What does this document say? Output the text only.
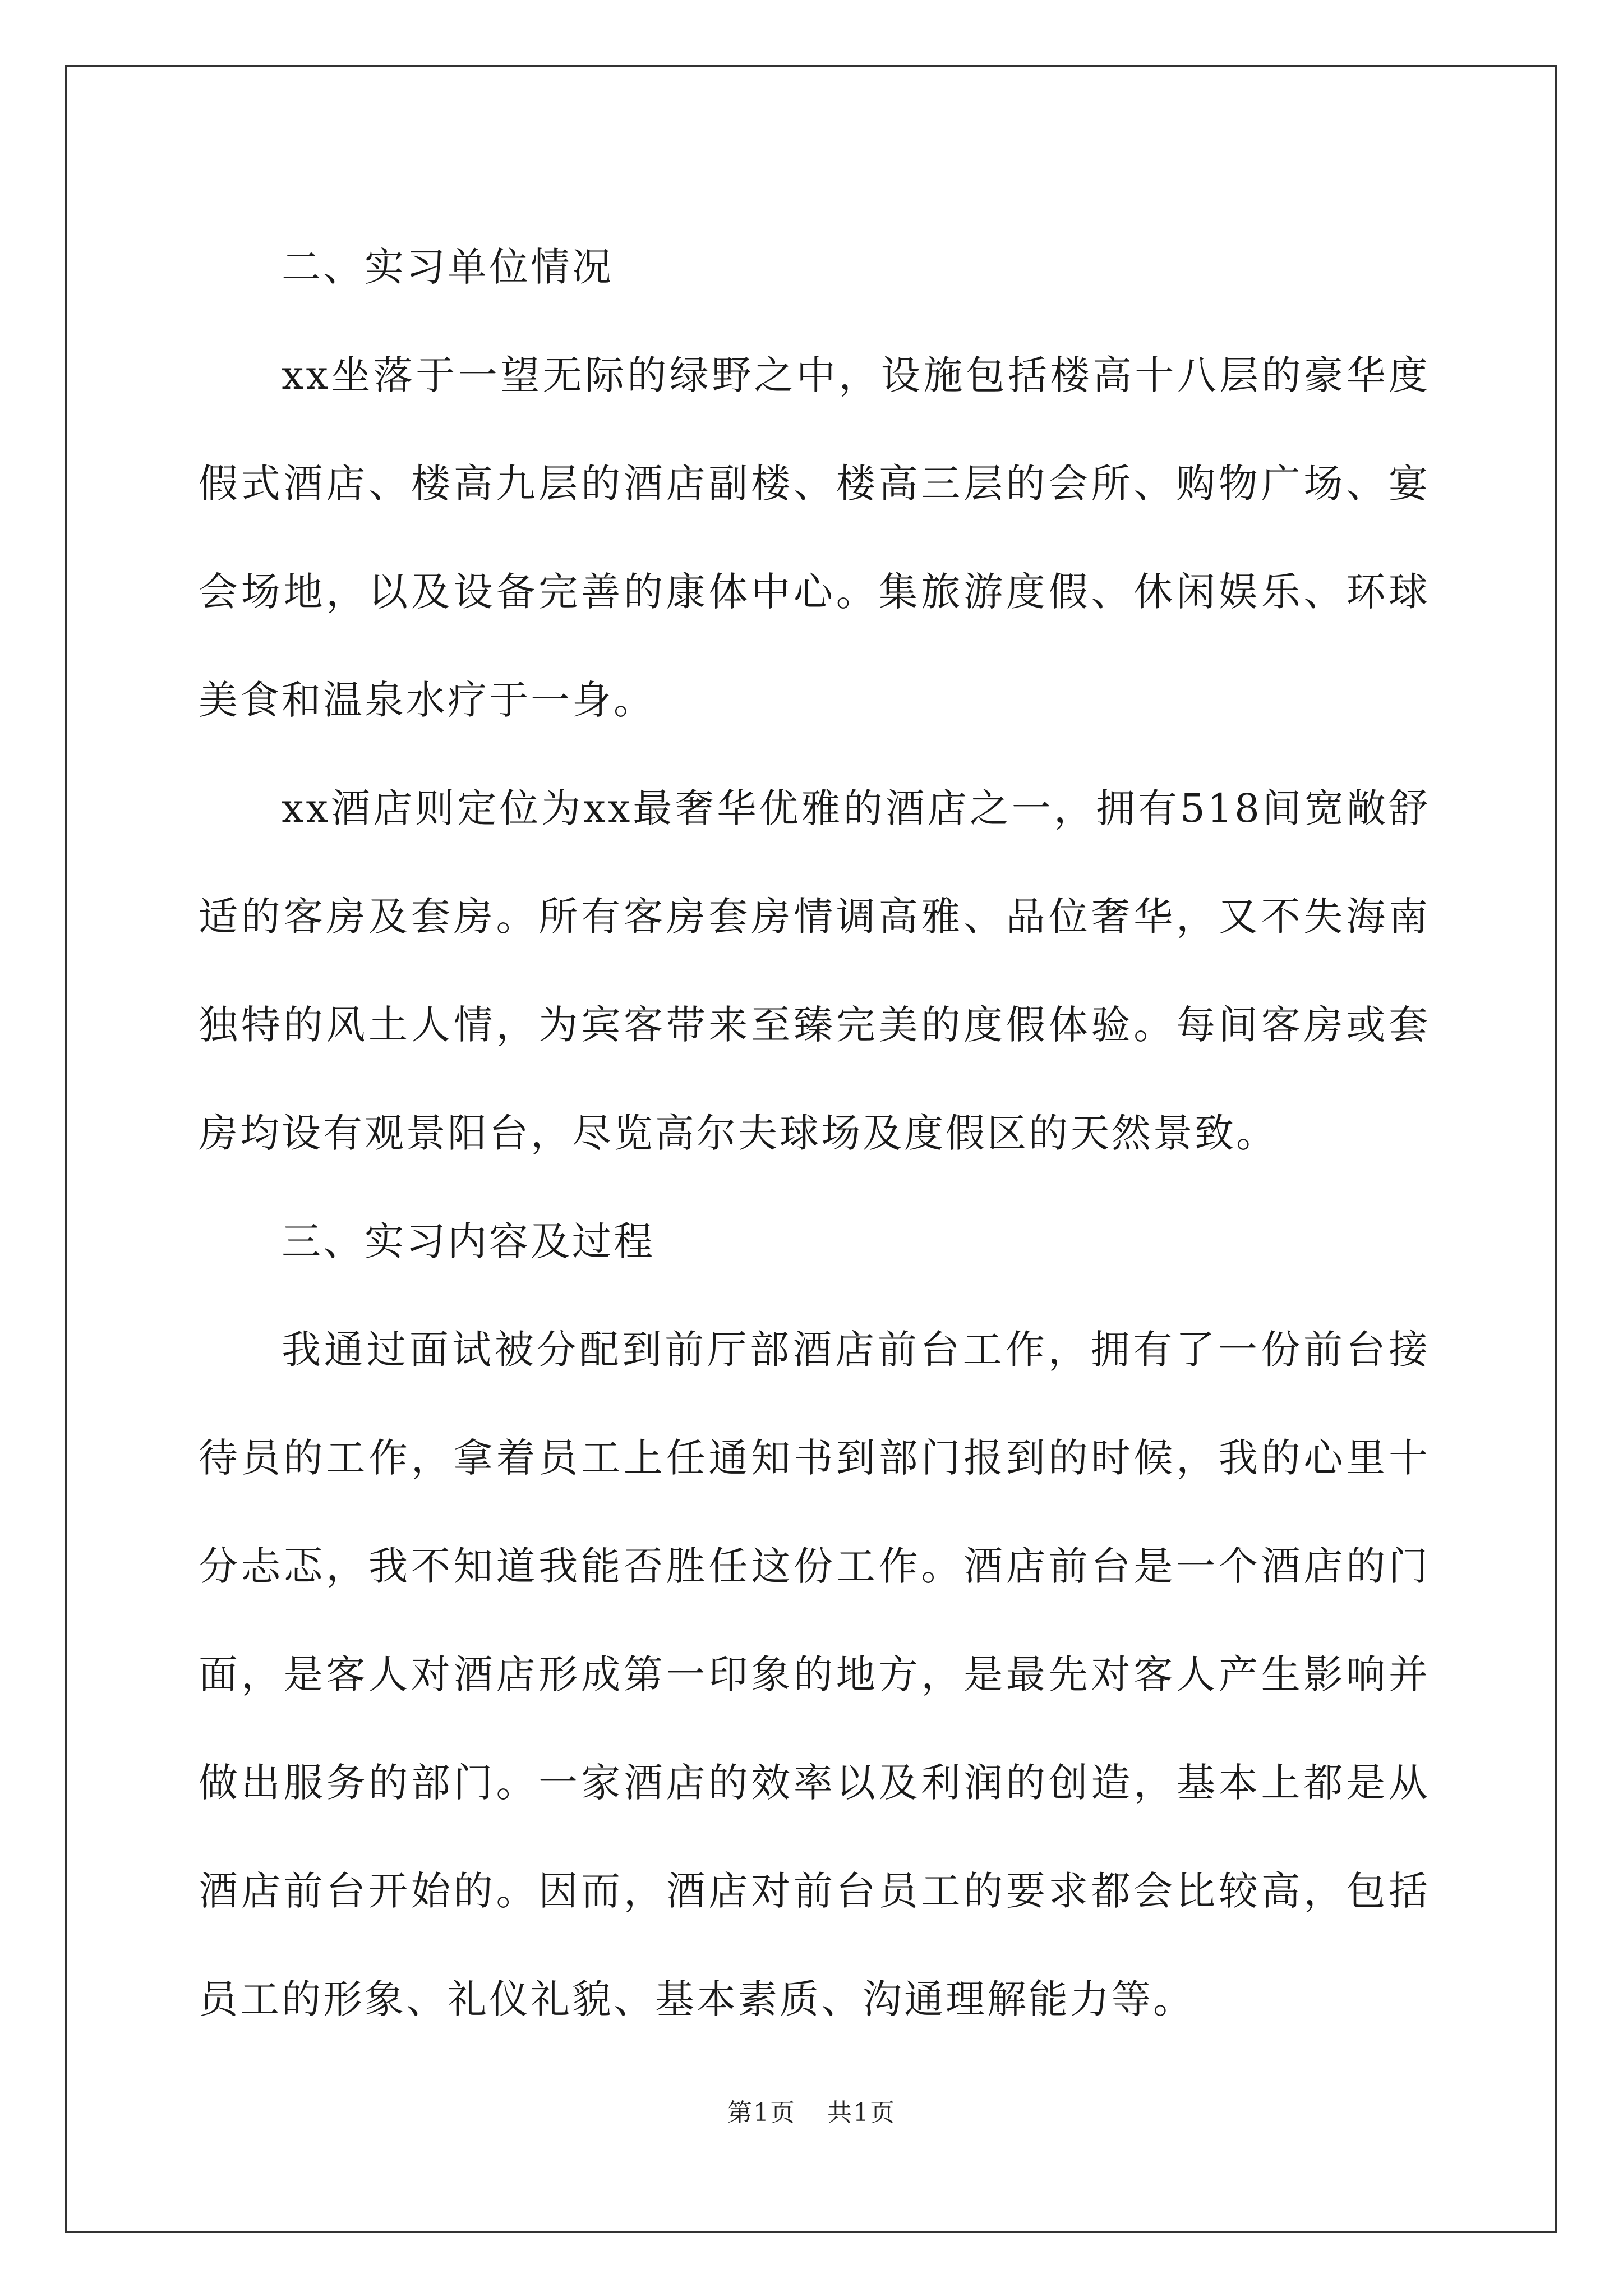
二、实习单位情况

xx坐落于一望无际的绿野之中，设施包括楼高十八层的豪华度假式酒店、楼高九层的酒店副楼、楼高三层的会所、购物广场、宴会场地，以及设备完善的康体中心。集旅游度假、休闲娱乐、环球美食和温泉水疗于一身。

xx酒店则定位为xx最奢华优雅的酒店之一，拥有518间宽敞舒适的客房及套房。所有客房套房情调高雅、品位奢华，又不失海南独特的风土人情，为宾客带来至臻完美的度假体验。每间客房或套房均设有观景阳台，尽览高尔夫球场及度假区的天然景致。

三、实习内容及过程

我通过面试被分配到前厅部酒店前台工作，拥有了一份前台接待员的工作，拿着员工上任通知书到部门报到的时候，我的心里十分忐忑，我不知道我能否胜任这份工作。酒店前台是一个酒店的门面，是客人对酒店形成第一印象的地方，是最先对客人产生影响并做出服务的部门。一家酒店的效率以及利润的创造，基本上都是从酒店前台开始的。因而，酒店对前台员工的要求都会比较高，包括员工的形象、礼仪礼貌、基本素质、沟通理解能力等。

第1页 共1页
